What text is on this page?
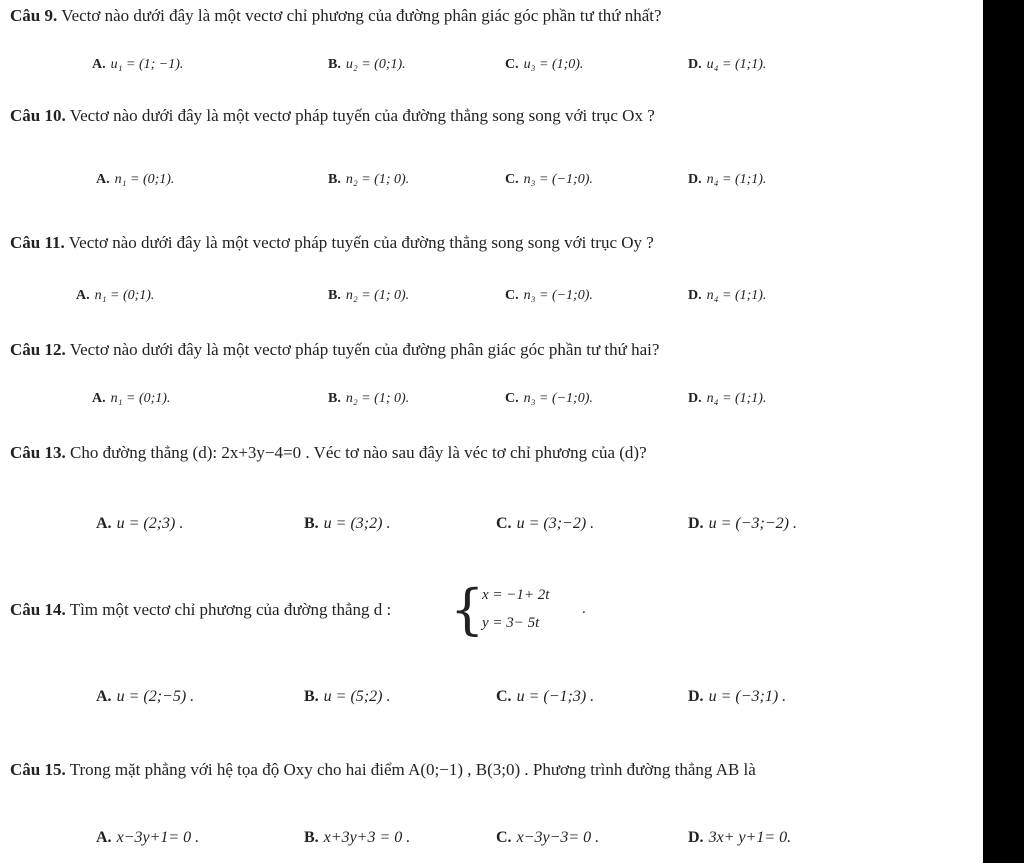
Câu 9. Vectơ nào dưới đây là một vectơ chỉ phương của đường phân giác góc phần tư thứ nhất?
A. u₁ = (1; −1).	B. u₂ = (0;1).	C. u₃ = (1;0).	D. u₄ = (1;1).
Câu 10. Vectơ nào dưới đây là một vectơ pháp tuyến của đường thẳng song song với trục Ox ?
A. n₁ = (0;1).	B. n₂ = (1; 0).	C. n₃ = (−1;0).	D. n₄ = (1;1).
Câu 11. Vectơ nào dưới đây là một vectơ pháp tuyến của đường thẳng song song với trục Oy ?
A. n₁ = (0;1).	B. n₂ = (1; 0).	C. n₃ = (−1;0).	D. n₄ = (1;1).
Câu 12. Vectơ nào dưới đây là một vectơ pháp tuyến của đường phân giác góc phần tư thứ hai?
A. n₁ = (0;1).	B. n₂ = (1; 0).	C. n₃ = (−1;0).	D. n₄ = (1;1).
Câu 13. Cho đường thẳng (d): 2x+3y−4=0 . Véc tơ nào sau đây là véc tơ chỉ phương của (d)?
A. u = (2;3) .	B. u = (3;2) .	C. u = (3;−2) .	D. u = (−3;−2) .
Câu 14. Tìm một vectơ chỉ phương của đường thẳng d : {
x = −1+ 2t
y = 3− 5t
.
A. u = (2;−5) .	B. u = (5;2) .	C. u = (−1;3) .	D. u = (−3;1) .
Câu 15. Trong mặt phẳng với hệ tọa độ Oxy cho hai điểm A(0;−1) , B(3;0) . Phương trình đường thẳng AB là
A. x−3y+1= 0 .	B. x+3y+3 = 0 .	C. x−3y−3= 0 .	D. 3x+ y+1= 0.
